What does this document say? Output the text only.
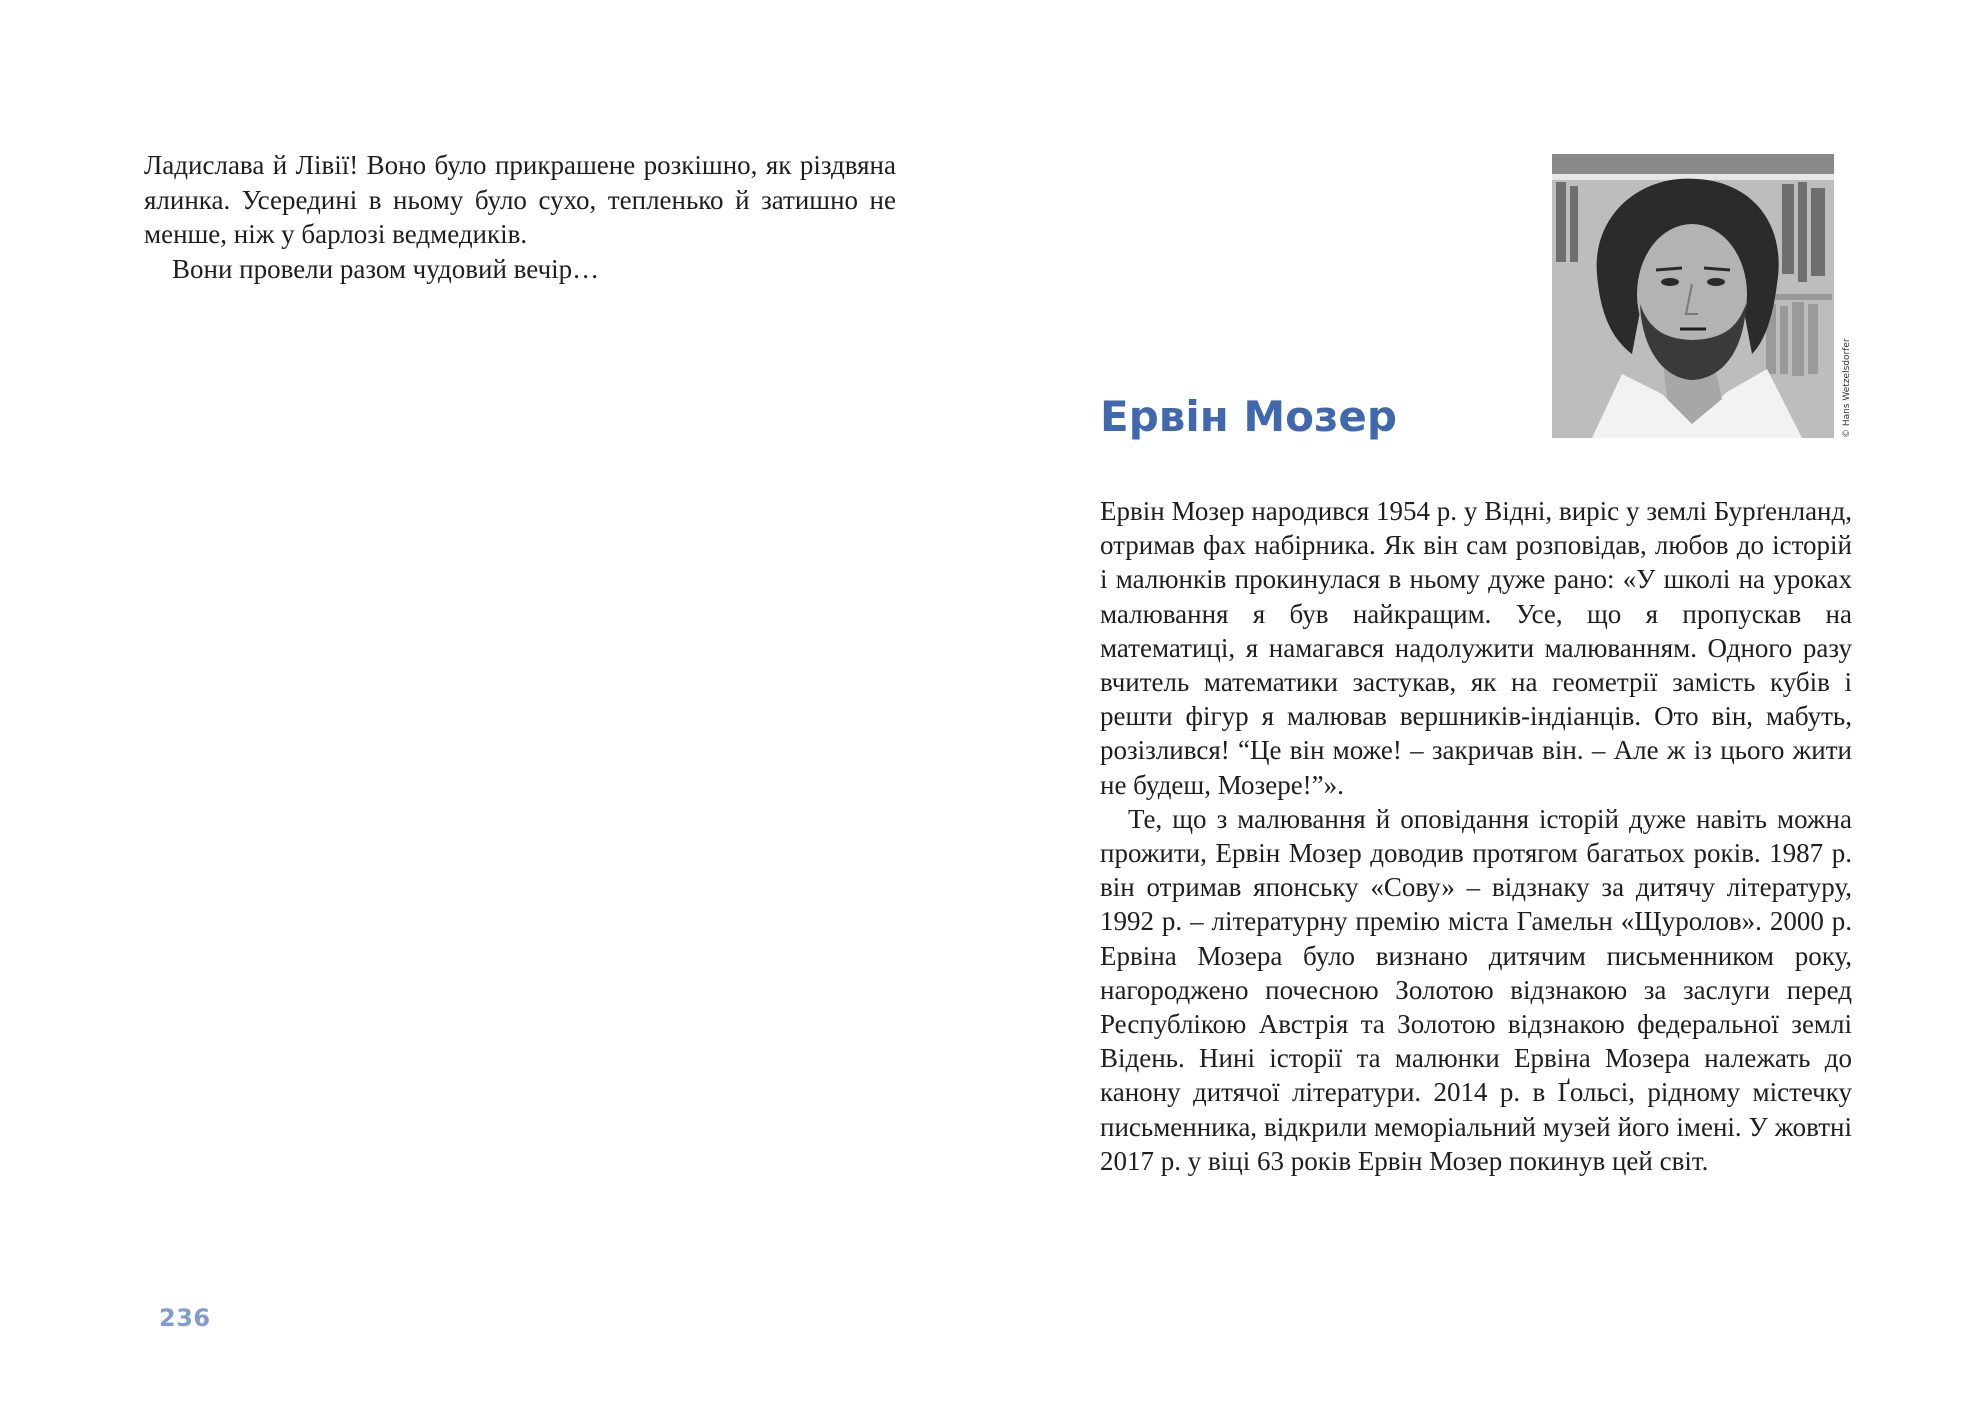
Ладислава й Лівії! Воно було прикрашене розкішно, як різдвяна ялинка. Усередині в ньому було сухо, тепленько й затишно не менше, ніж у барлозі ведмедиків.

Вони провели разом чудовий вечір…

236
Ервін Мозер	© Hans Wetzelsdorfer

Ервін Мозер народився 1954 р. у Відні, виріс у землі Бурґенланд, отримав фах набірника. Як він сам розповідав, любов до історій і малюнків прокинулася в ньому дуже рано: «У школі на уроках малювання я був найкращим. Усе, що я пропускав на математиці, я намагався надолужити малюванням. Одного разу вчитель математики застукав, як на геометрії замість кубів і решти фігур я малював вершників-індіанців. Ото він, мабуть, розізлився! “Це він може! – закричав він. – Але ж із цього жити не будеш, Мозере!”».

Те, що з малювання й оповідання історій дуже навіть можна прожити, Ервін Мозер доводив протягом багатьох років. 1987 р. він отримав японську «Сову» – відзнаку за дитячу літературу, 1992 р. – літературну премію міста Гамельн «Щуролов». 2000 р. Ервіна Мозера було визнано дитячим письменником року, нагороджено почесною Золотою відзнакою за заслуги перед Республікою Австрія та Золотою відзнакою федеральної землі Відень. Нині історії та малюнки Ервіна Мозера належать до канону дитячої літератури. 2014 р. в Ґольсі, рідному містечку письменника, відкрили меморіальний музей його імені. У жовтні 2017 р. у віці 63 років Ервін Мозер покинув цей світ.
